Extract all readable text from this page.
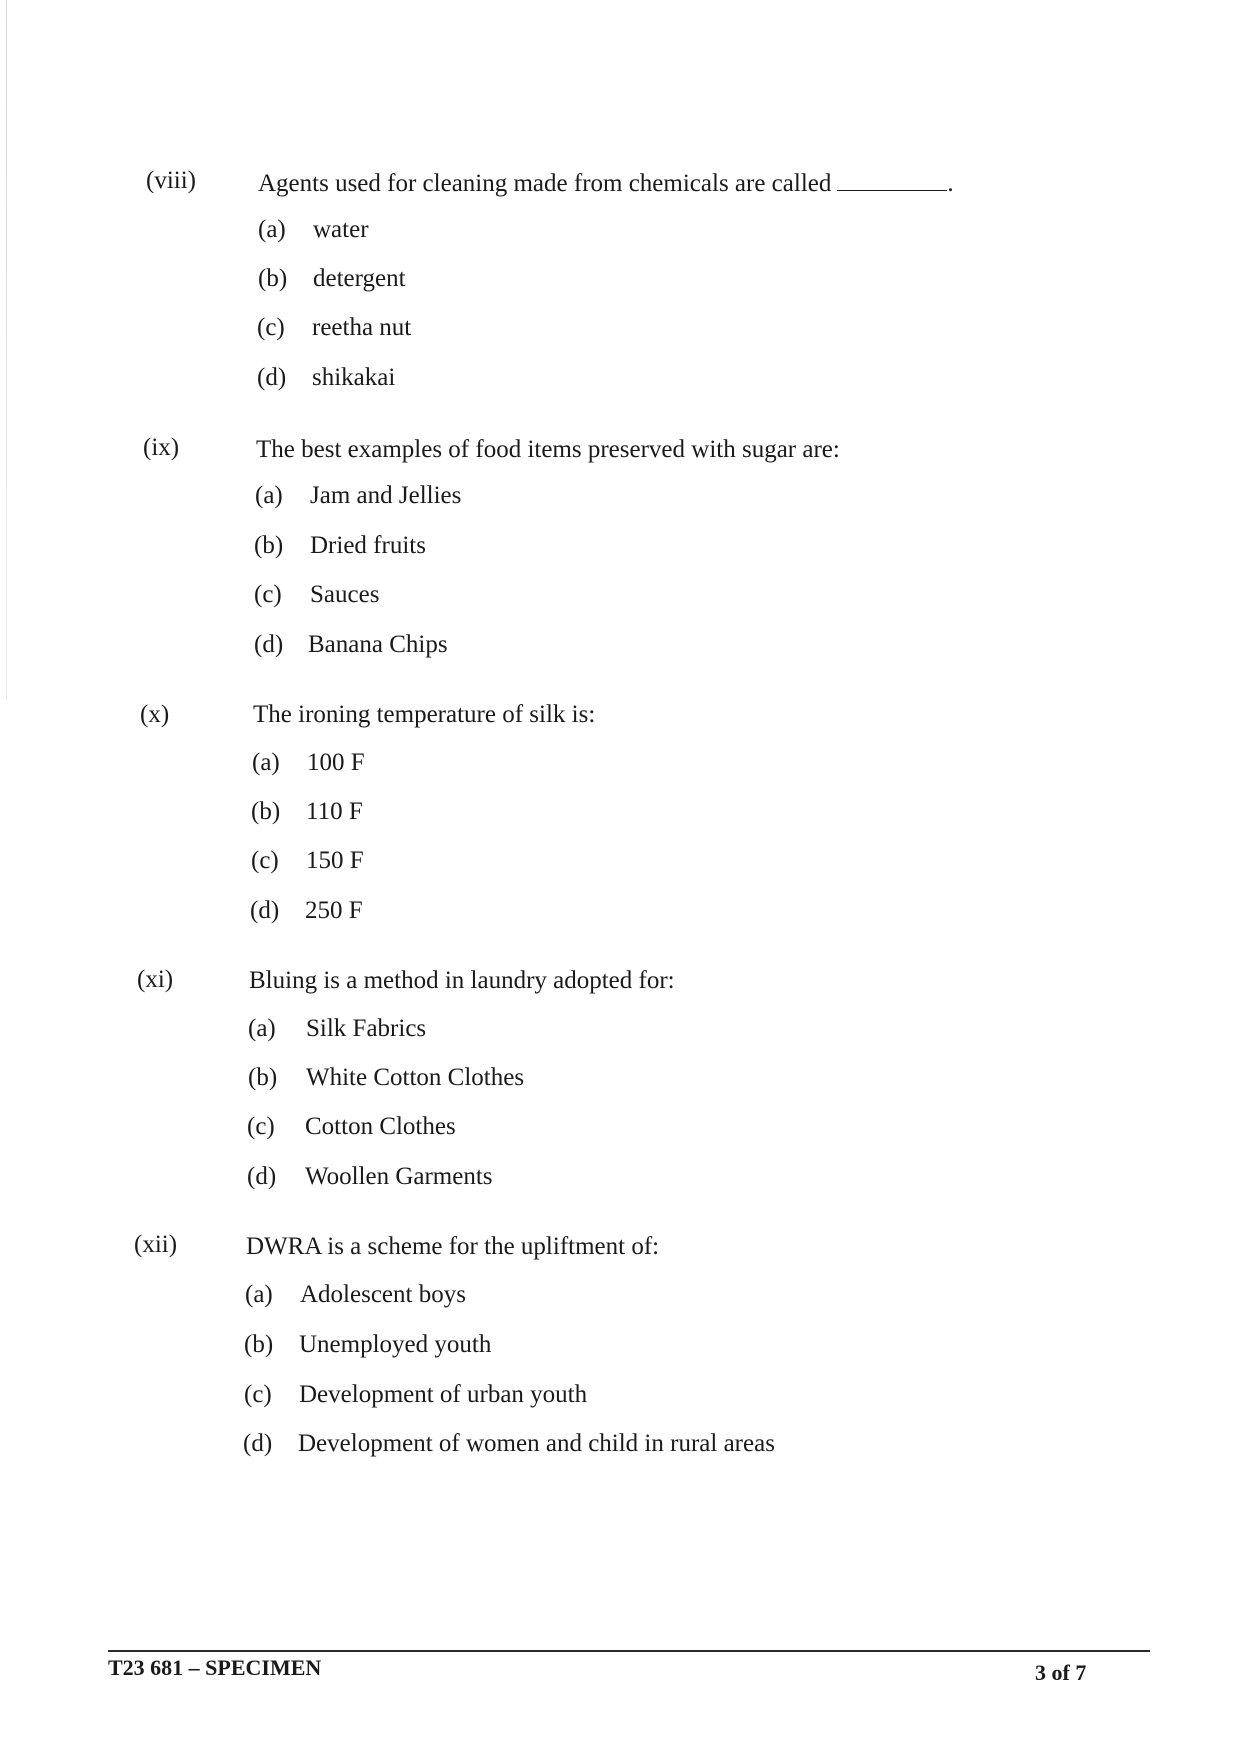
(viii) Agents used for cleaning made from chemicals are called	.
(a) water
(b) detergent
(c) reetha nut
(d) shikakai
(ix)	The best examples of food items preserved with sugar are:
(a) Jam and Jellies
(b) Dried fruits
(c) Sauces
(d) Banana Chips
(x)	The ironing temperature of silk is:
(a) 100 F
(b) 110 F
(c) 150 F
(d) 250 F
(xi)	Bluing is a method in laundry adopted for:
(a) Silk Fabrics
(b) White Cotton Clothes
(c) Cotton Clothes
(d) Woollen Garments
(xii)	DWRA is a scheme for the upliftment of:
(a) Adolescent boys
(b) Unemployed youth
(c) Development of urban youth
(d) Development of women and child in rural areas
T23 681 – SPECIMEN	3 of 7
